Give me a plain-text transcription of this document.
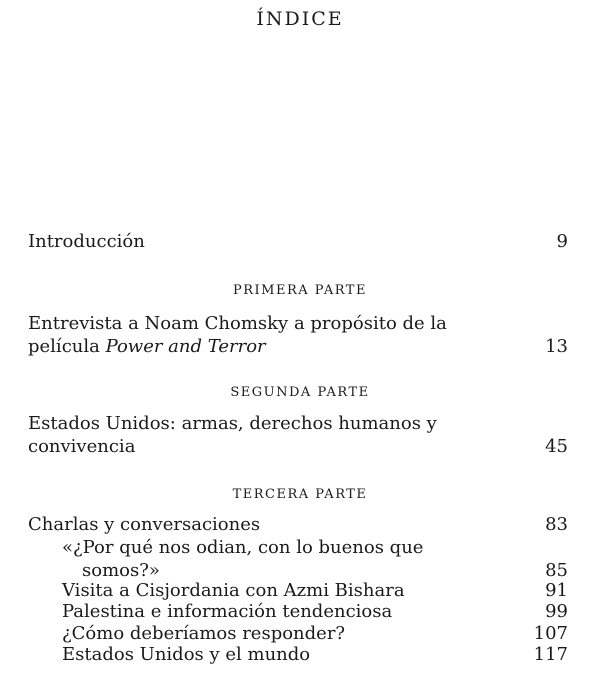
ÍNDICE
Introducción	9
PRIMERA PARTE
Entrevista a Noam Chomsky a propósito de la
película Power and Terror	13
SEGUNDA PARTE
Estados Unidos: armas, derechos humanos y
convivencia	45
TERCERA PARTE
Charlas y conversaciones	83
«¿Por qué nos odian, con lo buenos que
somos?»	85
Visita a Cisjordania con Azmi Bishara	91
Palestina e información tendenciosa	99
¿Cómo deberíamos responder?	107
Estados Unidos y el mundo	117
